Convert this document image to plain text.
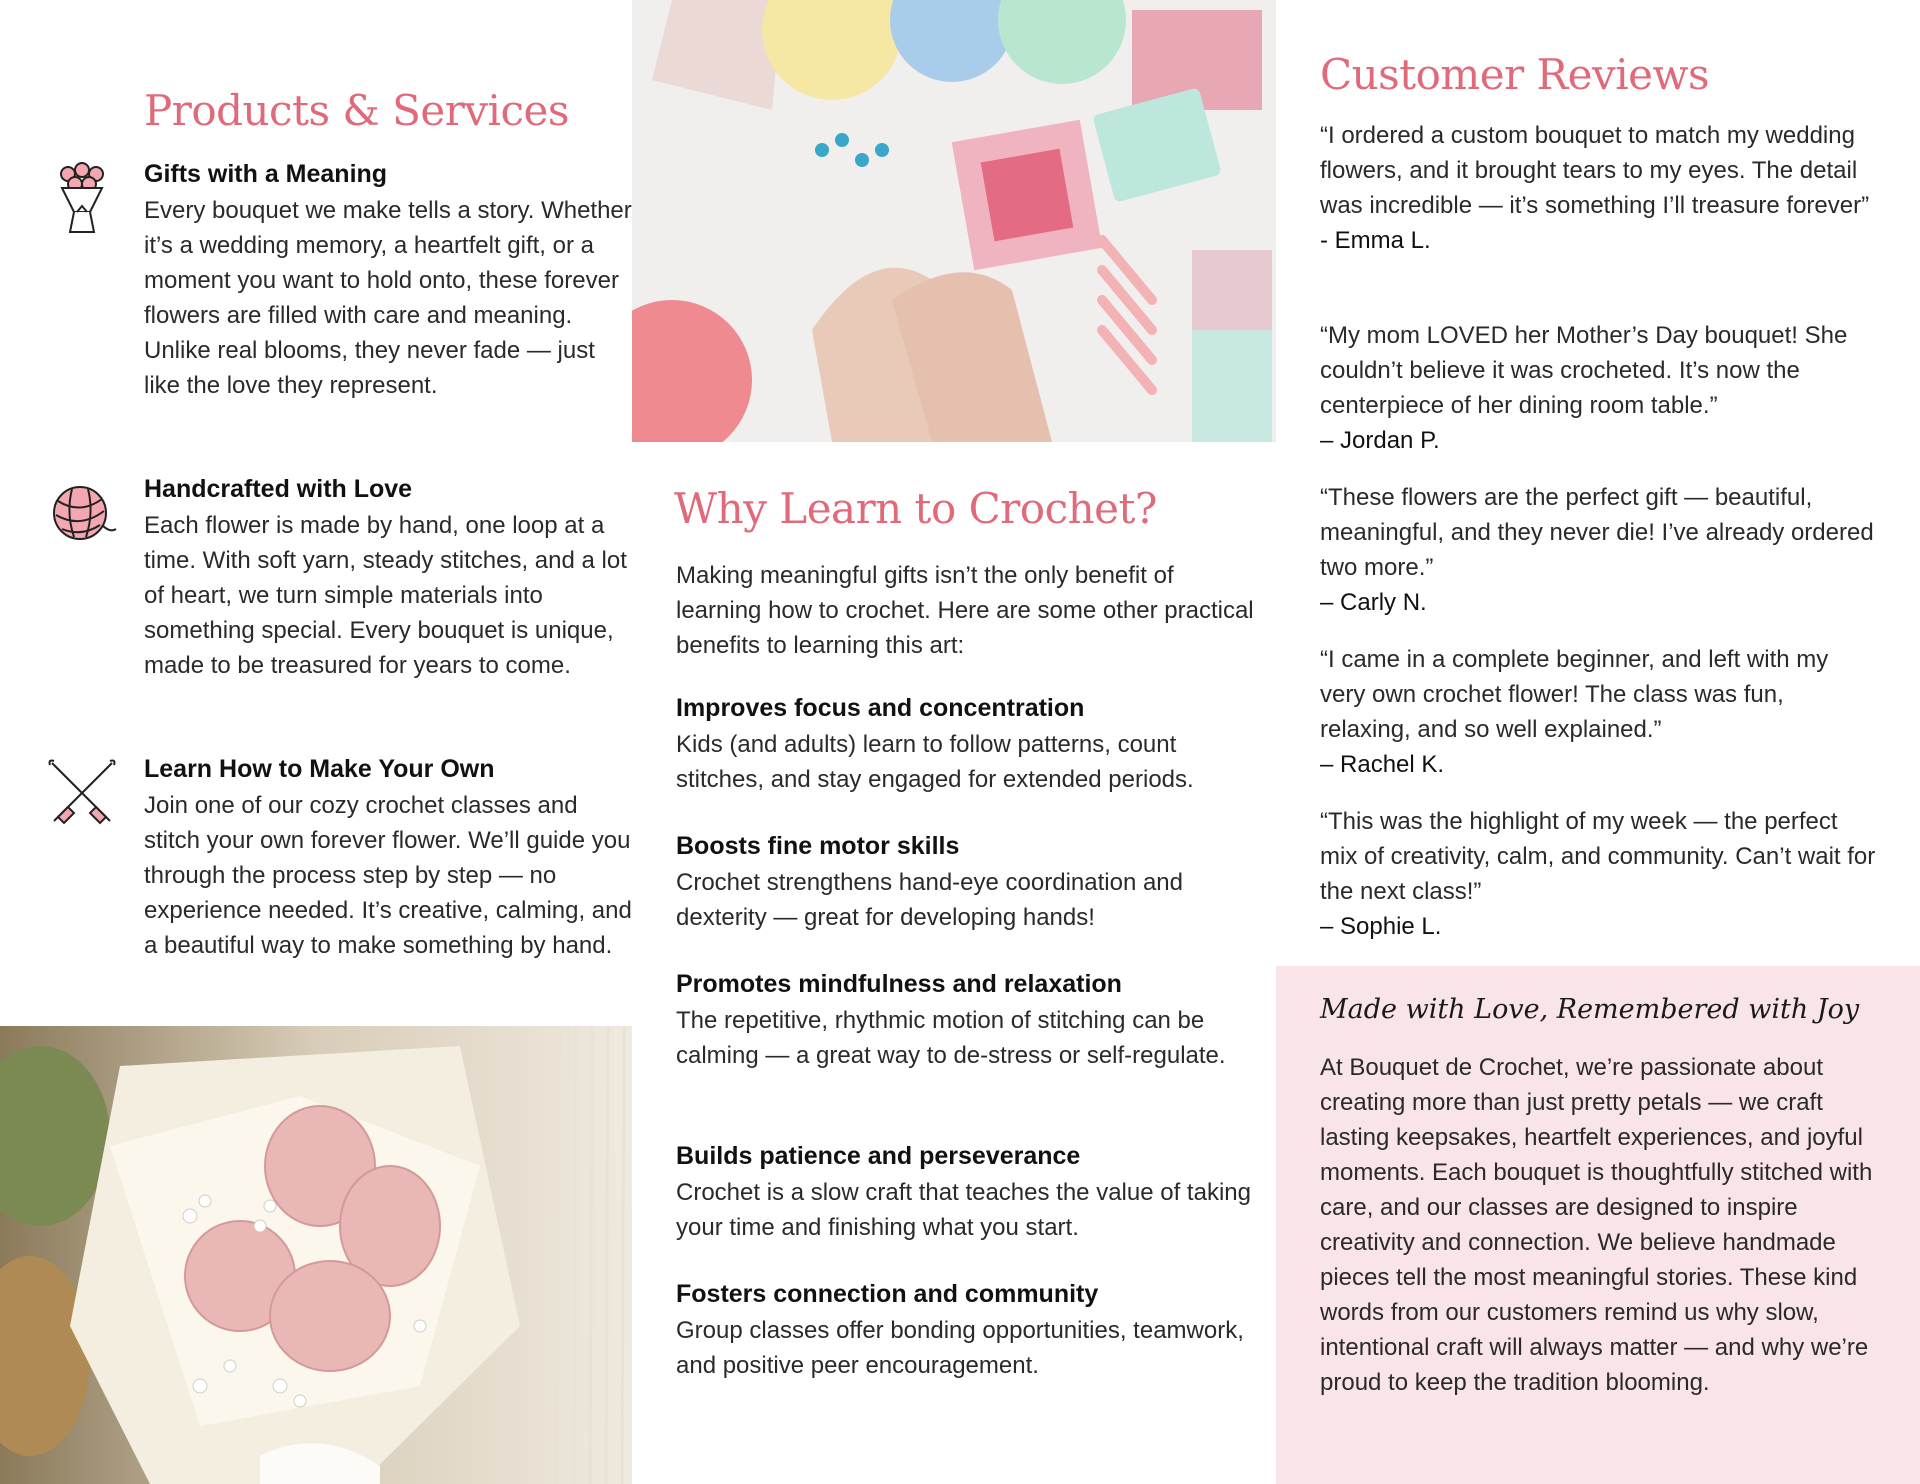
Products & Services

Gifts with a Meaning

Every bouquet we make tells a story. Whether it’s a wedding memory, a heartfelt gift, or a moment you want to hold onto, these forever flowers are filled with care and meaning. Unlike real blooms, they never fade — just like the love they represent.

Handcrafted with Love

Each flower is made by hand, one loop at a time. With soft yarn, steady stitches, and a lot of heart, we turn simple materials into something special. Every bouquet is unique, made to be treasured for years to come.

Learn How to Make Your Own

Join one of our cozy crochet classes and stitch your own forever flower. We’ll guide you through the process step by step — no experience needed. It’s creative, calming, and a beautiful way to make something by hand.

Why Learn to Crochet?

Making meaningful gifts isn’t the only benefit of learning how to crochet. Here are some other practical benefits to learning this art:

Improves focus and concentration

Kids (and adults) learn to follow patterns, count stitches, and stay engaged for extended periods.

Boosts fine motor skills

Crochet strengthens hand-eye coordination and dexterity — great for developing hands!

Promotes mindfulness and relaxation

The repetitive, rhythmic motion of stitching can be calming — a great way to de-stress or self-regulate.

Builds patience and perseverance

Crochet is a slow craft that teaches the value of taking your time and finishing what you start.

Fosters connection and community

Group classes offer bonding opportunities, teamwork, and positive peer encouragement.

Customer Reviews

“I ordered a custom bouquet to match my wedding flowers, and it brought tears to my eyes. The detail was incredible — it’s something I’ll treasure forever”

- Emma L.

“My mom LOVED her Mother’s Day bouquet! She couldn’t believe it was crocheted. It’s now the centerpiece of her dining room table.”

– Jordan P.

“These flowers are the perfect gift — beautiful, meaningful, and they never die! I’ve already ordered two more.”

– Carly N.

“I came in a complete beginner, and left with my very own crochet flower! The class was fun, relaxing, and so well explained.”

– Rachel K.

“This was the highlight of my week — the perfect mix of creativity, calm, and community. Can’t wait for the next class!”

– Sophie L.

Made with Love, Remembered with Joy

At Bouquet de Crochet, we’re passionate about creating more than just pretty petals — we craft lasting keepsakes, heartfelt experiences, and joyful moments. Each bouquet is thoughtfully stitched with care, and our classes are designed to inspire creativity and connection. We believe handmade pieces tell the most meaningful stories. These kind words from our customers remind us why slow, intentional craft will always matter — and why we’re proud to keep the tradition blooming.
